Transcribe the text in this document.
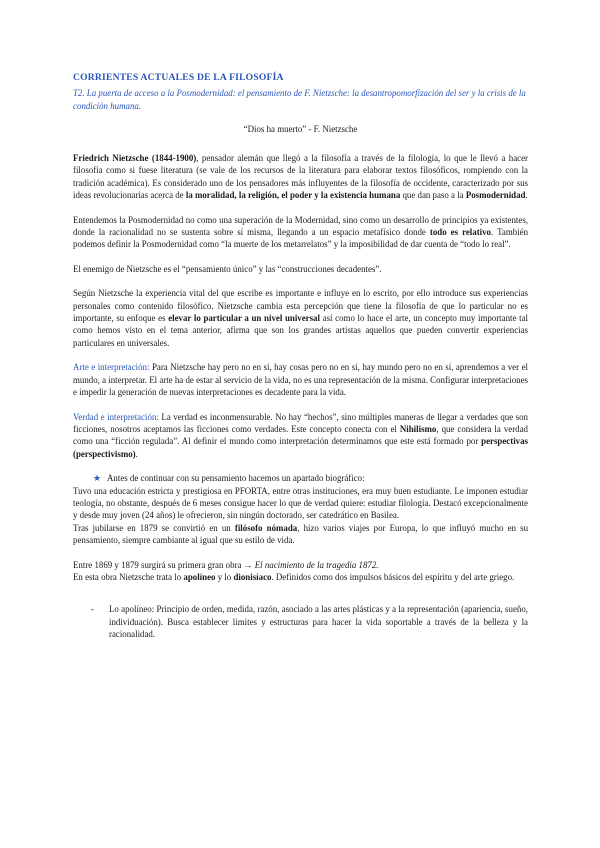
CORRIENTES ACTUALES DE LA FILOSOFÍA
T2. La puerta de acceso a la Posmodernidad: el pensamiento de F. Nietzsche: la desantropomorfización del ser y la crisis de la condición humana.
“Dios ha muerto” - F. Nietzsche

Friedrich Nietzsche (1844-1900), pensador alemán que llegó a la filosofía a través de la filología, lo que le llevó a hacer filosofía como si fuese literatura (se vale de los recursos de la literatura para elaborar textos filosóficos, rompiendo con la tradición académica). Es considerado uno de los pensadores más influyentes de la filosofía de occidente, caracterizado por sus ideas revolucionarias acerca de la moralidad, la religión, el poder y la existencia humana que dan paso a la Posmodernidad.

Entendemos la Posmodernidad no como una superación de la Modernidad, sino como un desarrollo de principios ya existentes, donde la racionalidad no se sustenta sobre sí misma, llegando a un espacio metafísico donde todo es relativo. También podemos definir la Posmodernidad como “la muerte de los metarrelatos” y la imposibilidad de dar cuenta de “todo lo real”.

El enemigo de Nietzsche es el “pensamiento único” y las “construcciones decadentes”.

Según Nietzsche la experiencia vital del que escribe es importante e influye en lo escrito, por ello introduce sus experiencias personales como contenido filosófico. Nietzsche cambia esta percepción que tiene la filosofía de que lo particular no es importante, su enfoque es elevar lo particular a un nivel universal así como lo hace el arte, un concepto muy importante tal como hemos visto en el tema anterior, afirma que son los grandes artistas aquellos que pueden convertir experiencias particulares en universales.

Arte e interpretación: Para Nietzsche hay pero no en sí, hay cosas pero no en sí, hay mundo pero no en sí, aprendemos a ver el mundo, a interpretar. El arte ha de estar al servicio de la vida, no es una representación de la misma. Configurar interpretaciones e impedir la generación de nuevas interpretaciones es decadente para la vida.

Verdad e interpretación: La verdad es inconmensurable. No hay “hechos”, sino múltiples maneras de llegar a verdades que son ficciones, nosotros aceptamos las ficciones como verdades. Este concepto conecta con el Nihilismo, que considera la verdad como una “ficción regulada”. Al definir el mundo como interpretación determinamos que este está formado por perspectivas (perspectivismo).

★ Antes de continuar con su pensamiento hacemos un apartado biográfico:

Tuvo una educación estricta y prestigiosa en PFORTA, entre otras instituciones, era muy buen estudiante. Le imponen estudiar teología, no obstante, después de 6 meses consigue hacer lo que de verdad quiere: estudiar filología. Destacó excepcionalmente y desde muy joven (24 años) le ofrecieron, sin ningún doctorado, ser catedrático en Basilea.

Tras jubilarse en 1879 se convirtió en un filósofo nómada, hizo varios viajes por Europa, lo que influyó mucho en su pensamiento, siempre cambiante al igual que su estilo de vida.

Entre 1869 y 1879 surgirá su primera gran obra → El nacimiento de la tragedia 1872.

En esta obra Nietzsche trata lo apolíneo y lo dionisíaco. Definidos como dos impulsos básicos del espíritu y del arte griego.

- Lo apolíneo: Principio de orden, medida, razón, asociado a las artes plásticas y a la representación (apariencia, sueño, individuación). Busca establecer límites y estructuras para hacer la vida soportable a través de la belleza y la racionalidad.
